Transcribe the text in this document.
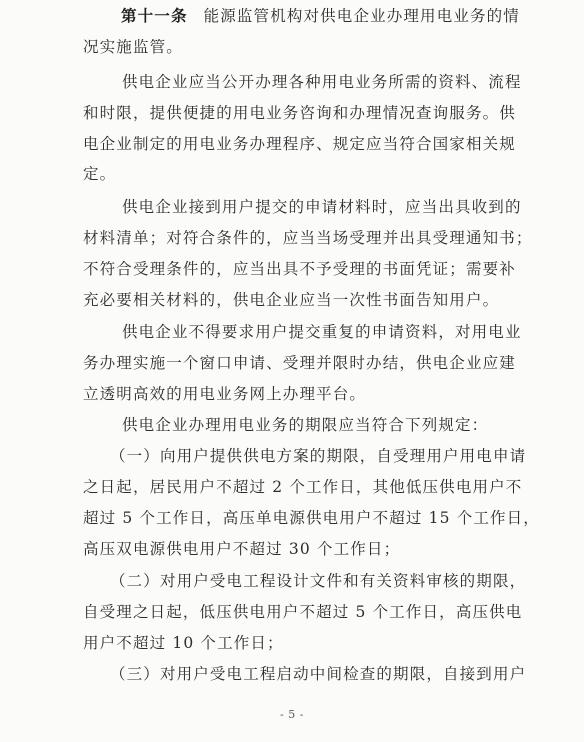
第十一条 能源监管机构对供电企业办理用电业务的情
况实施监管。
供电企业应当公开办理各种用电业务所需的资料、流程
和时限，提供便捷的用电业务咨询和办理情况查询服务。供
电企业制定的用电业务办理程序、规定应当符合国家相关规
定。
供电企业接到用户提交的申请材料时，应当出具收到的
材料清单；对符合条件的，应当当场受理并出具受理通知书；
不符合受理条件的，应当出具不予受理的书面凭证；需要补
充必要相关材料的，供电企业应当一次性书面告知用户。
供电企业不得要求用户提交重复的申请资料，对用电业
务办理实施一个窗口申请、受理并限时办结，供电企业应建
立透明高效的用电业务网上办理平台。
供电企业办理用电业务的期限应当符合下列规定：
（一）向用户提供供电方案的期限，自受理用户用电申请
之日起，居民用户不超过 2 个工作日，其他低压供电用户不
超过 5 个工作日，高压单电源供电用户不超过 15 个工作日，
高压双电源供电用户不超过 30 个工作日；
（二）对用户受电工程设计文件和有关资料审核的期限，
自受理之日起，低压供电用户不超过 5 个工作日，高压供电
用户不超过 10 个工作日；
（三）对用户受电工程启动中间检查的期限，自接到用户
- 5 -
